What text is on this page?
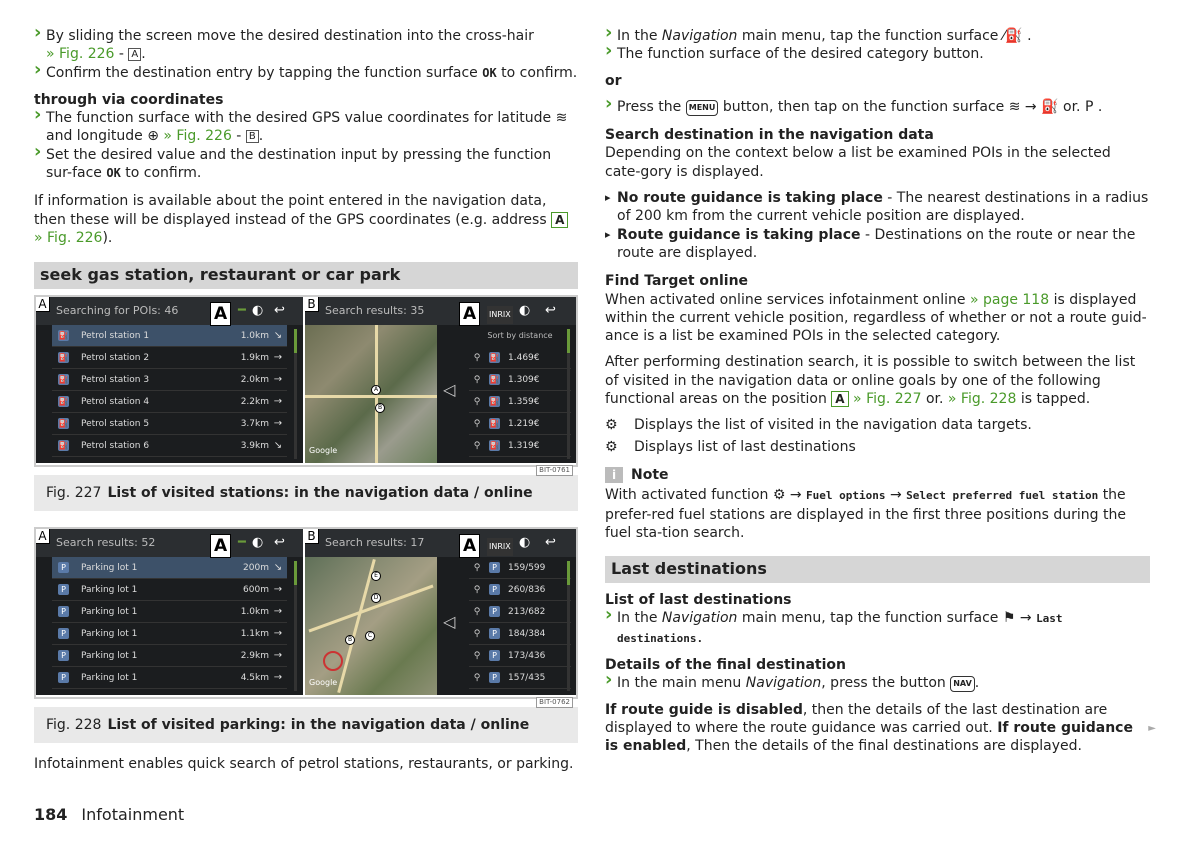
› By sliding the screen move the desired destination into the cross-hair
» Fig. 226 - A .

› Confirm the destination entry by tapping the function surface OK to confirm.

through via coordinates

› The function surface with the desired GPS value coordinates for latitude ≋
and longitude ⊕ » Fig. 226 - B .

› Set the desired value and the destination input by pressing the function sur-face OK to confirm.

If information is available about the point entered in the navigation data, then these will be displayed instead of the GPS coordinates (e.g. address A
» Fig. 226).

seek gas station, restaurant or car park
A Searching for POIs: 46	A ━ ◐ ↩
⛽ Petrol station 1	1.0km ↘
⛽ Petrol station 2	1.9km →
⛽ Petrol station 3	2.0km →
⛽ Petrol station 4	2.2km →
⛽ Petrol station 5	3.7km →
⛽ Petrol station 6	3.9km ↘
B Search results: 35	A	INRIX ◐ ↩
A
B
Google
◁
Sort by distance
⚲	⛽ 1.469€
⚲	⛽ 1.309€
⚲	⛽ 1.359€
⚲	⛽ 1.219€
⚲	⛽ 1.319€
BIT-0761
Fig. 227 List of visited stations: in the navigation data / online
A Search results: 52	A ━ ◐ ↩
P	Parking lot 1	200m ↘
P	Parking lot 1	600m →
P	Parking lot 1	1.0km →
P	Parking lot 1	1.1km →
P	Parking lot 1	2.9km →
P	Parking lot 1	4.5km →
B Search results: 17	A	INRIX ◐ ↩
E
D
B
C
Google
◁
⚲	P	159/599
⚲	P	260/836
⚲	P	213/682
⚲	P	184/384
⚲	P	173/436
⚲	P	157/435
BIT-0762
Fig. 228 List of visited parking: in the navigation data / online

Infotainment enables quick search of petrol stations, restaurants, or parking.

› In the Navigation main menu, tap the function surface ⁄⛽ .

› The function surface of the desired category button.

or

› Press the MENU button, then tap on the function surface ≋ → ⛽ or. P .

Search destination in the navigation data

Depending on the context below a list be examined POIs in the selected cate-gory is displayed.

▸ No route guidance is taking place - The nearest destinations in a radius of 200 km from the current vehicle position are displayed.

▸ Route guidance is taking place - Destinations on the route or near the route are displayed.

Find Target online

When activated online services infotainment online » page 118 is displayed within the current vehicle position, regardless of whether or not a route guid-ance is a list be examined POIs in the selected category.

After performing destination search, it is possible to switch between the list of visited in the navigation data or online goals by one of the following functional areas on the position A » Fig. 227 or. » Fig. 228 is tapped.

⚙ Displays the list of visited in the navigation data targets.

⚙ Displays list of last destinations

i	Note

With activated function ⚙ → Fuel options → Select preferred fuel station the prefer-red fuel stations are displayed in the first three positions during the fuel sta-tion search.

Last destinations

List of last destinations

› In the Navigation main menu, tap the function surface ⚑ → Last destinations.

Details of the final destination

› In the main menu Navigation, press the button NAV .

If route guide is disabled, then the details of the last destination are displayed to where the route guidance was carried out. If route guidance is enabled, Then the details of the final destinations are displayed.

►
184 Infotainment
